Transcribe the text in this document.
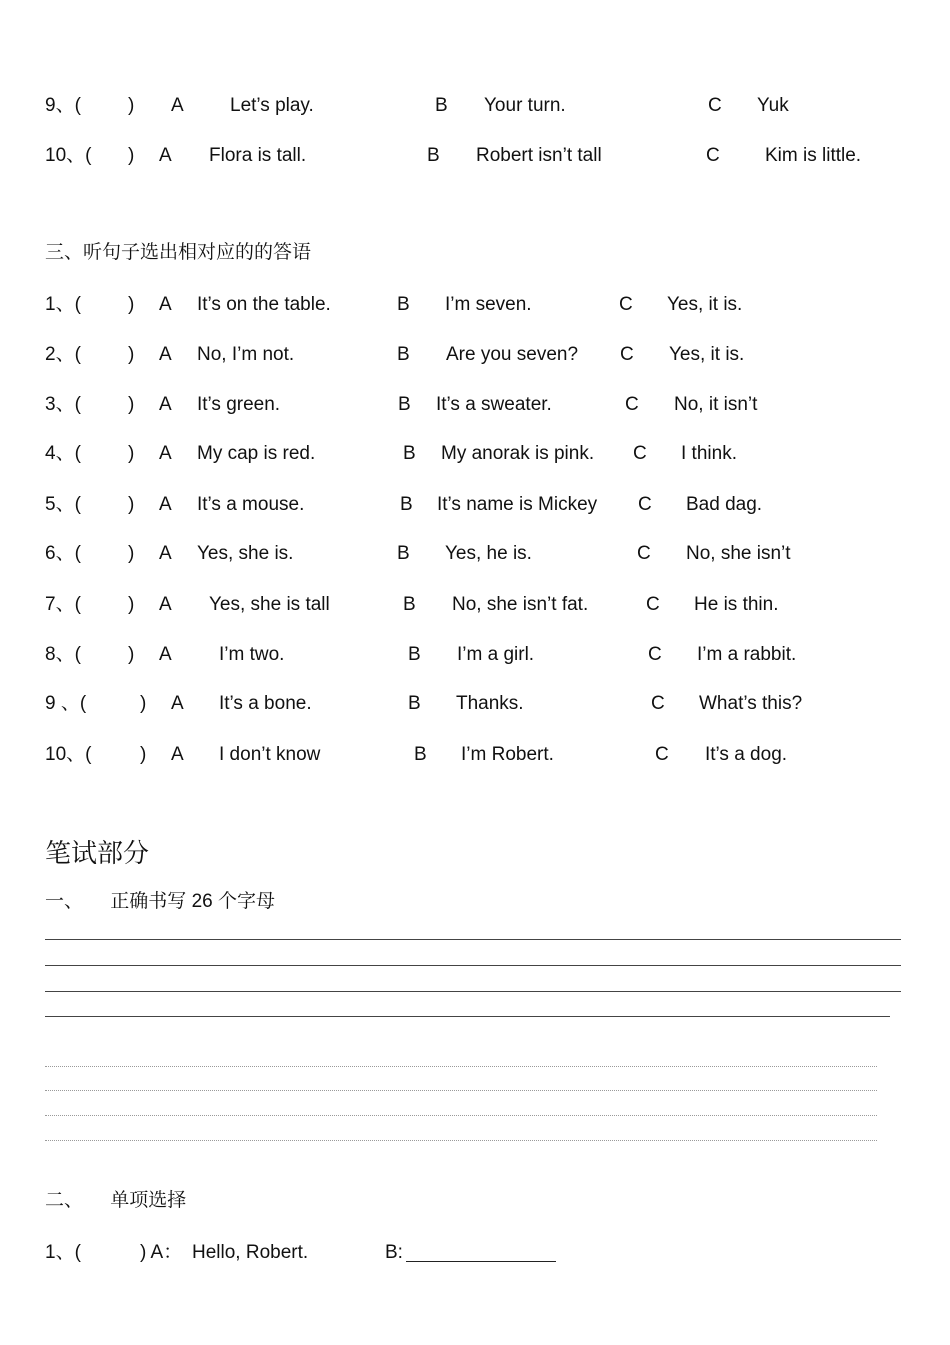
9、( ) A Let’s play.	B Your turn.	C Yuk
10、( ) A Flora is tall.	B Robert isn’t tall	C Kim is little.
三、听句子选出相对应的的答语
1、( ) A It’s on the table.	B I’m seven.	C Yes, it is.
2、( ) A No, I’m not.	B Are you seven? C Yes, it is.
3、( ) A It’s green.	B It’s a sweater.	C No, it isn’t
4、( ) A My cap is red.	B My anorak is pink. C I think.
5、( ) A It’s a mouse.	B It’s name is Mickey C Bad dag.
6、( ) A Yes, she is.	B Yes, he is.	C No, she isn’t
7、( ) A Yes, she is tall	B No, she isn’t fat.	C He is thin.
8、( ) A I’m two.	B I’m a girl.	C I’m a rabbit.
9 、(	) A It’s a bone.	B Thanks.	C What’s this?
10、(	) A I don’t know	B I’m Robert.	C It’s a dog.
笔试部分
一、 正确书写 26 个字母
二、 单项选择
1、(	) A： Hello, Robert.	B:
